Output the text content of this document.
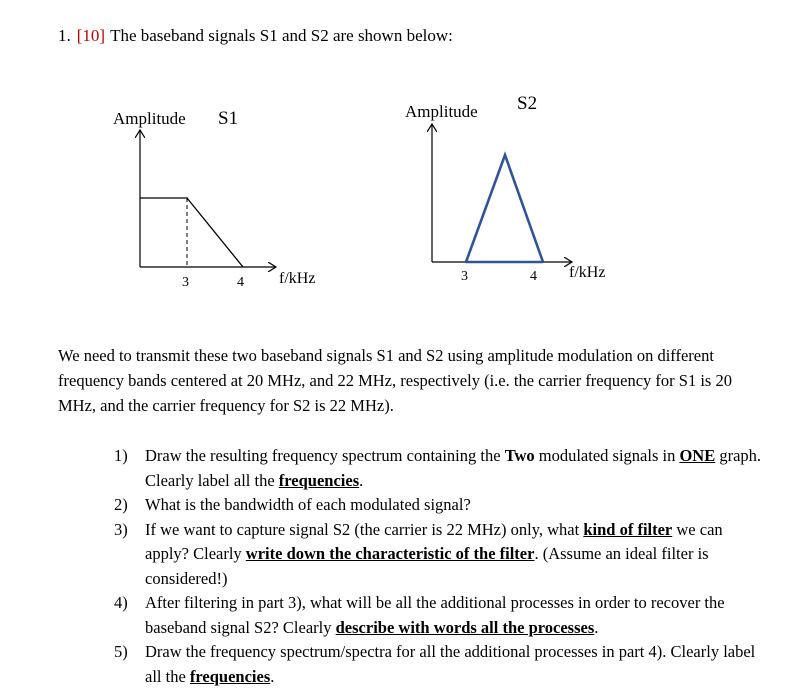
1. [10] The baseband signals S1 and S2 are shown below:
Amplitude S1
3	4 f/kHz
Amplitude S2
3	4 f/kHz
We need to transmit these two baseband signals S1 and S2 using amplitude modulation on different frequency bands centered at 20 MHz, and 22 MHz, respectively (i.e. the carrier frequency for S1 is 20 MHz, and the carrier frequency for S2 is 22 MHz).
1) Draw the resulting frequency spectrum containing the Two modulated signals in ONE graph. Clearly label all the frequencies.
2) What is the bandwidth of each modulated signal?
3) If we want to capture signal S2 (the carrier is 22 MHz) only, what kind of filter we can apply? Clearly write down the characteristic of the filter. (Assume an ideal filter is considered!)
4) After filtering in part 3), what will be all the additional processes in order to recover the baseband signal S2? Clearly describe with words all the processes.
5) Draw the frequency spectrum/spectra for all the additional processes in part 4). Clearly label all the frequencies.
